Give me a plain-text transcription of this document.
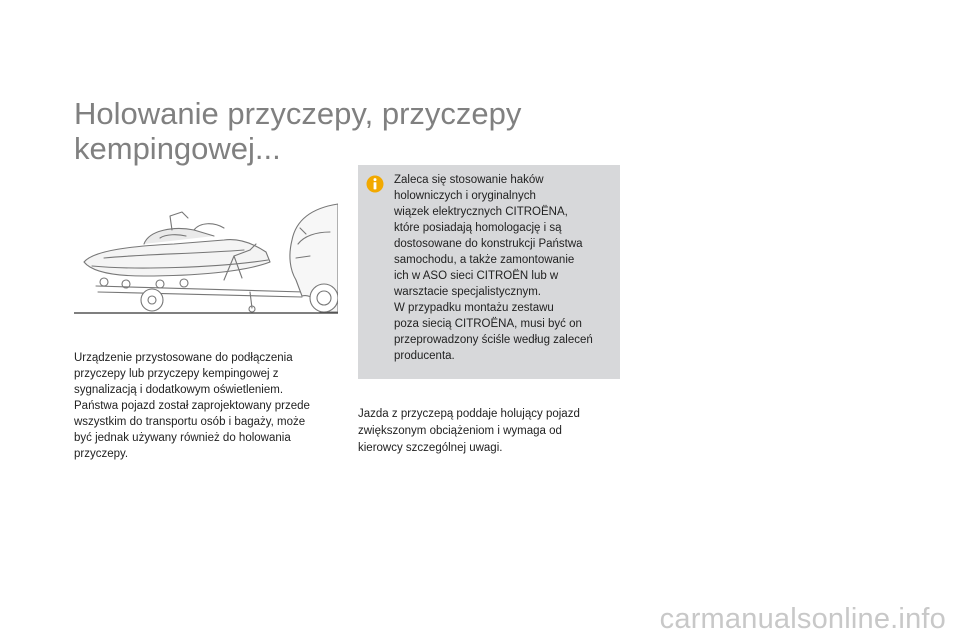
Holowanie przyczepy, przyczepy
kempingowej...
Urządzenie przystosowane do podłączenia
przyczepy lub przyczepy kempingowej z
sygnalizacją i dodatkowym oświetleniem.
Państwa pojazd został zaprojektowany przede
wszystkim do transportu osób i bagaży, może
być jednak używany również do holowania
przyczepy.
Zaleca się stosowanie haków
holowniczych i oryginalnych
wiązek elektrycznych CITROËNA,
które posiadają homologację i są
dostosowane do konstrukcji Państwa
samochodu, a także zamontowanie
ich w ASO sieci CITROËN lub w
warsztacie specjalistycznym.
W przypadku montażu zestawu
poza siecią CITROËNA, musi być on
przeprowadzony ściśle według zaleceń
producenta.
Jazda z przyczepą poddaje holujący pojazd
zwiększonym obciążeniom i wymaga od
kierowcy szczególnej uwagi.
carmanualsonline.info
